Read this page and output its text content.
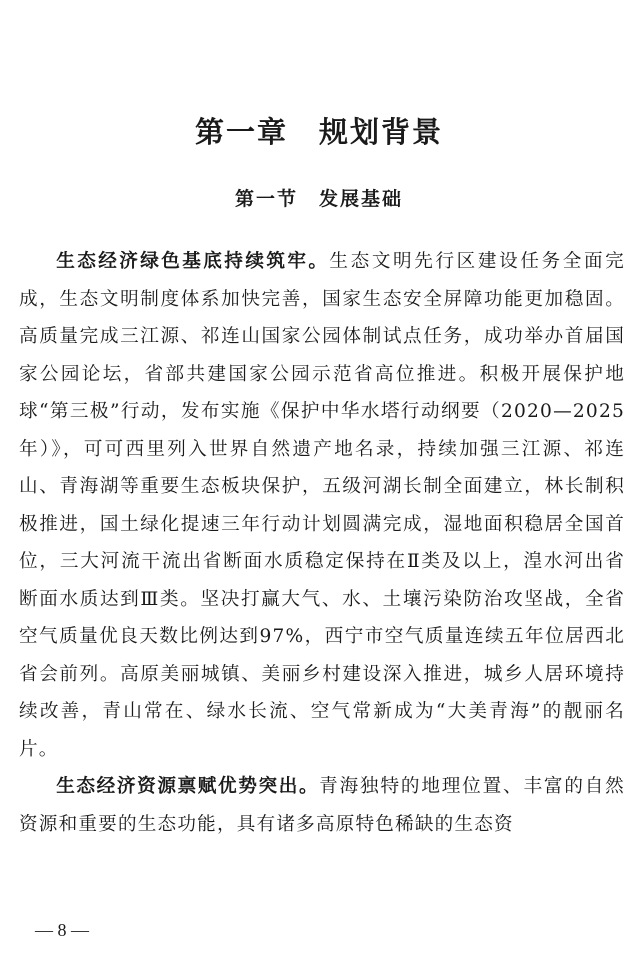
第一章　规划背景
第一节　发展基础

生态经济绿色基底持续筑牢。生态文明先行区建设任务全面完成，生态文明制度体系加快完善，国家生态安全屏障功能更加稳固。高质量完成三江源、祁连山国家公园体制试点任务，成功举办首届国家公园论坛，省部共建国家公园示范省高位推进。积极开展保护地球“第三极”行动，发布实施《保护中华水塔行动纲要（2020—2025年）》，可可西里列入世界自然遗产地名录，持续加强三江源、祁连山、青海湖等重要生态板块保护，五级河湖长制全面建立，林长制积极推进，国土绿化提速三年行动计划圆满完成，湿地面积稳居全国首位，三大河流干流出省断面水质稳定保持在Ⅱ类及以上，湟水河出省断面水质达到Ⅲ类。坚决打赢大气、水、土壤污染防治攻坚战，全省空气质量优良天数比例达到97%，西宁市空气质量连续五年位居西北省会前列。高原美丽城镇、美丽乡村建设深入推进，城乡人居环境持续改善，青山常在、绿水长流、空气常新成为“大美青海”的靓丽名片。

生态经济资源禀赋优势突出。青海独特的地理位置、丰富的自然资源和重要的生态功能，具有诸多高原特色稀缺的生态资

— 8 —
